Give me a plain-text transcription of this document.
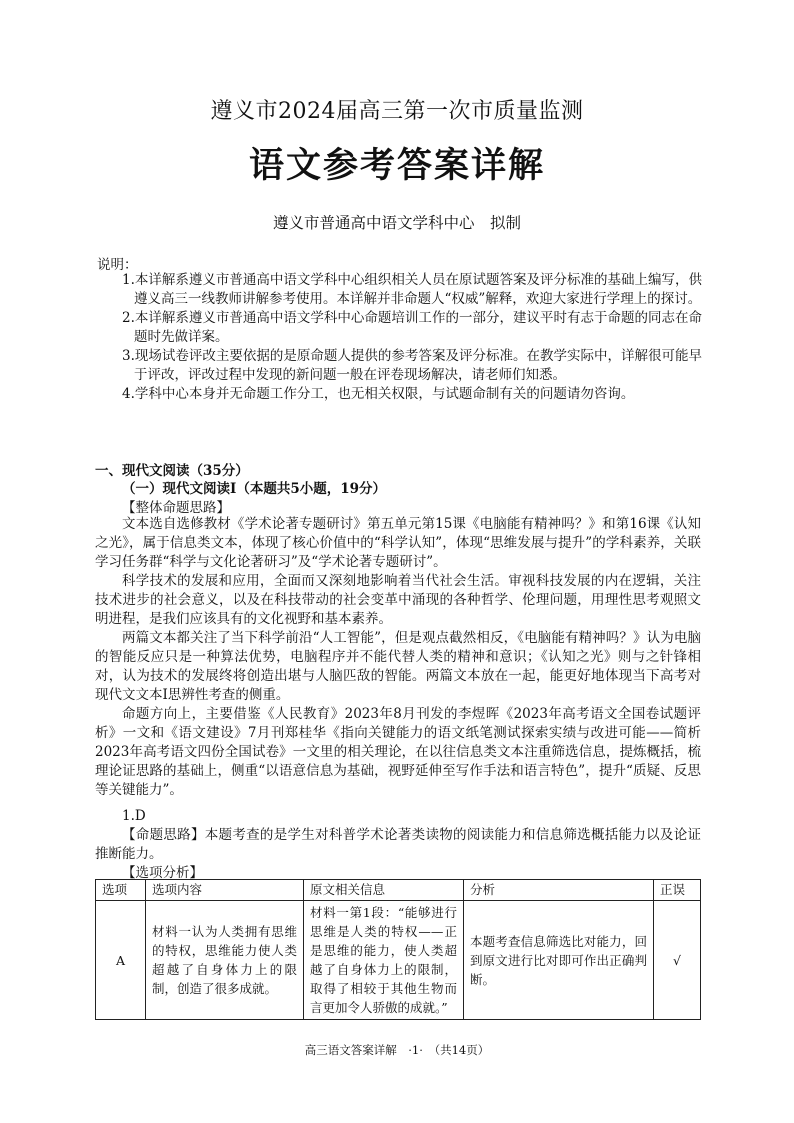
遵义市2024届高三第一次市质量监测
语文参考答案详解
遵义市普通高中语文学科中心　拟制
说明：
1.本详解系遵义市普通高中语文学科中心组织相关人员在原试题答案及评分标准的基础上编写，供遵义高三一线教师讲解参考使用。本详解并非命题人“权威”解释，欢迎大家进行学理上的探讨。
2.本详解系遵义市普通高中语文学科中心命题培训工作的一部分，建议平时有志于命题的同志在命题时先做详案。
3.现场试卷评改主要依据的是原命题人提供的参考答案及评分标准。在教学实际中，详解很可能早于评改，评改过程中发现的新问题一般在评卷现场解决，请老师们知悉。
4.学科中心本身并无命题工作分工，也无相关权限，与试题命制有关的问题请勿咨询。
一、现代文阅读（35分）
（一）现代文阅读Ⅰ（本题共5小题，19分）
【整体命题思路】

文本选自选修教材《学术论著专题研讨》第五单元第15课《电脑能有精神吗？》和第16课《认知之光》，属于信息类文本，体现了核心价值中的“科学认知”，体现“思维发展与提升”的学科素养，关联学习任务群“科学与文化论著研习”及“学术论著专题研讨”。

科学技术的发展和应用，全面而又深刻地影响着当代社会生活。审视科技发展的内在逻辑，关注技术进步的社会意义，以及在科技带动的社会变革中涌现的各种哲学、伦理问题，用理性思考观照文明进程，是我们应该具有的文化视野和基本素养。

两篇文本都关注了当下科学前沿“人工智能”，但是观点截然相反，《电脑能有精神吗？》认为电脑的智能反应只是一种算法优势，电脑程序并不能代替人类的精神和意识；《认知之光》则与之针锋相对，认为技术的发展终将创造出堪与人脑匹敌的智能。两篇文本放在一起，能更好地体现当下高考对现代文文本Ⅰ思辨性考查的侧重。

命题方向上，主要借鉴《人民教育》2023年8月刊发的李煜晖《2023年高考语文全国卷试题评析》一文和《语文建设》7月刊郑桂华《指向关键能力的语文纸笔测试探索实绩与改进可能——简析2023年高考语文四份全国试卷》一文里的相关理论，在以往信息类文本注重筛选信息，提炼概括，梳理论证思路的基础上，侧重“以语意信息为基础，视野延伸至写作手法和语言特色”，提升“质疑、反思等关键能力”。

1.D

【命题思路】本题考查的是学生对科普学术论著类读物的阅读能力和信息筛选概括能力以及论证推断能力。

【选项分析】
选项	选项内容	原文相关信息	分析	正误
A	材料一认为人类拥有思维的特权，思维能力使人类超越了自身体力上的限制，创造了很多成就。	材料一第1段：“能够进行思维是人类的特权——正是思维的能力，使人类超越了自身体力上的限制，取得了相较于其他生物而言更加令人骄傲的成就。”	本题考查信息筛选比对能力，回到原文进行比对即可作出正确判断。	√
高三语文答案详解　·1·　（共14页）
